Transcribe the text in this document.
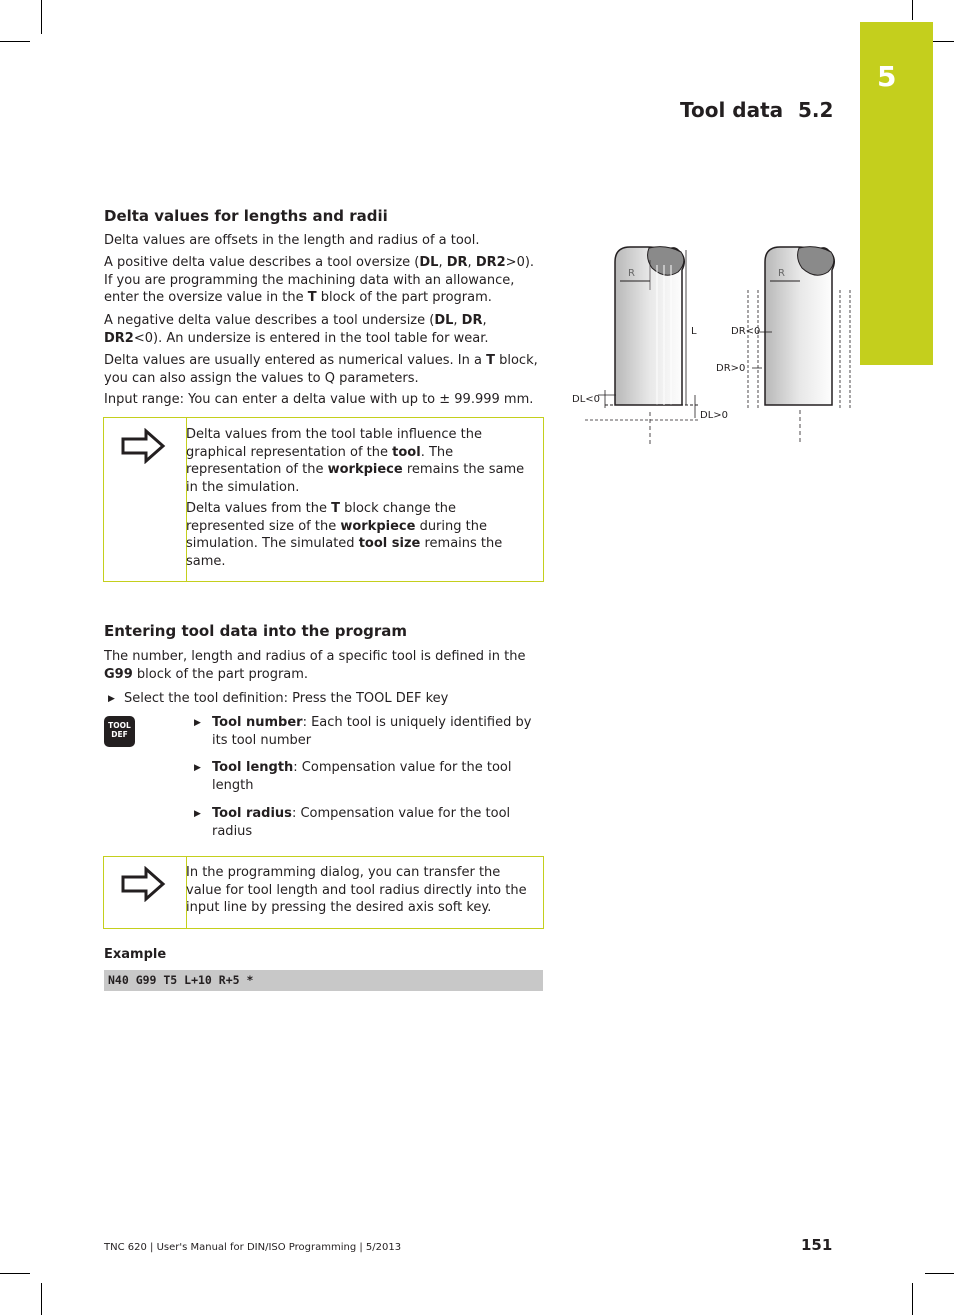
5
Tool data 5.2
Delta values for lengths and radii

Delta values are offsets in the length and radius of a tool.

A positive delta value describes a tool oversize (DL, DR, DR2>0). If you are programming the machining data with an allowance, enter the oversize value in the T block of the part program.

A negative delta value describes a tool undersize (DL, DR, DR2<0). An undersize is entered in the tool table for wear.

Delta values are usually entered as numerical values. In a T block, you can also assign the values to Q parameters.

Input range: You can enter a delta value with up to ± 99.999 mm.

Delta values from the tool table influence the graphical representation of the tool. The representation of the workpiece remains the same in the simulation.

Delta values from the T block change the represented size of the workpiece during the simulation. The simulated tool size remains the same.

R	R
L
DL<0
DL>0
DR<0
DR>0
Entering tool data into the program

The number, length and radius of a specific tool is defined in the G99 block of the part program.

▶ Select the tool definition: Press the TOOL DEF key

TOOL
DEF
▶ Tool number: Each tool is uniquely identified by its tool number

▶ Tool length: Compensation value for the tool length

▶ Tool radius: Compensation value for the tool radius

In the programming dialog, you can transfer the value for tool length and tool radius directly into the input line by pressing the desired axis soft key.

Example
N40 G99 T5 L+10 R+5 *
TNC 620 | User's Manual for DIN/ISO Programming | 5/2013	151
